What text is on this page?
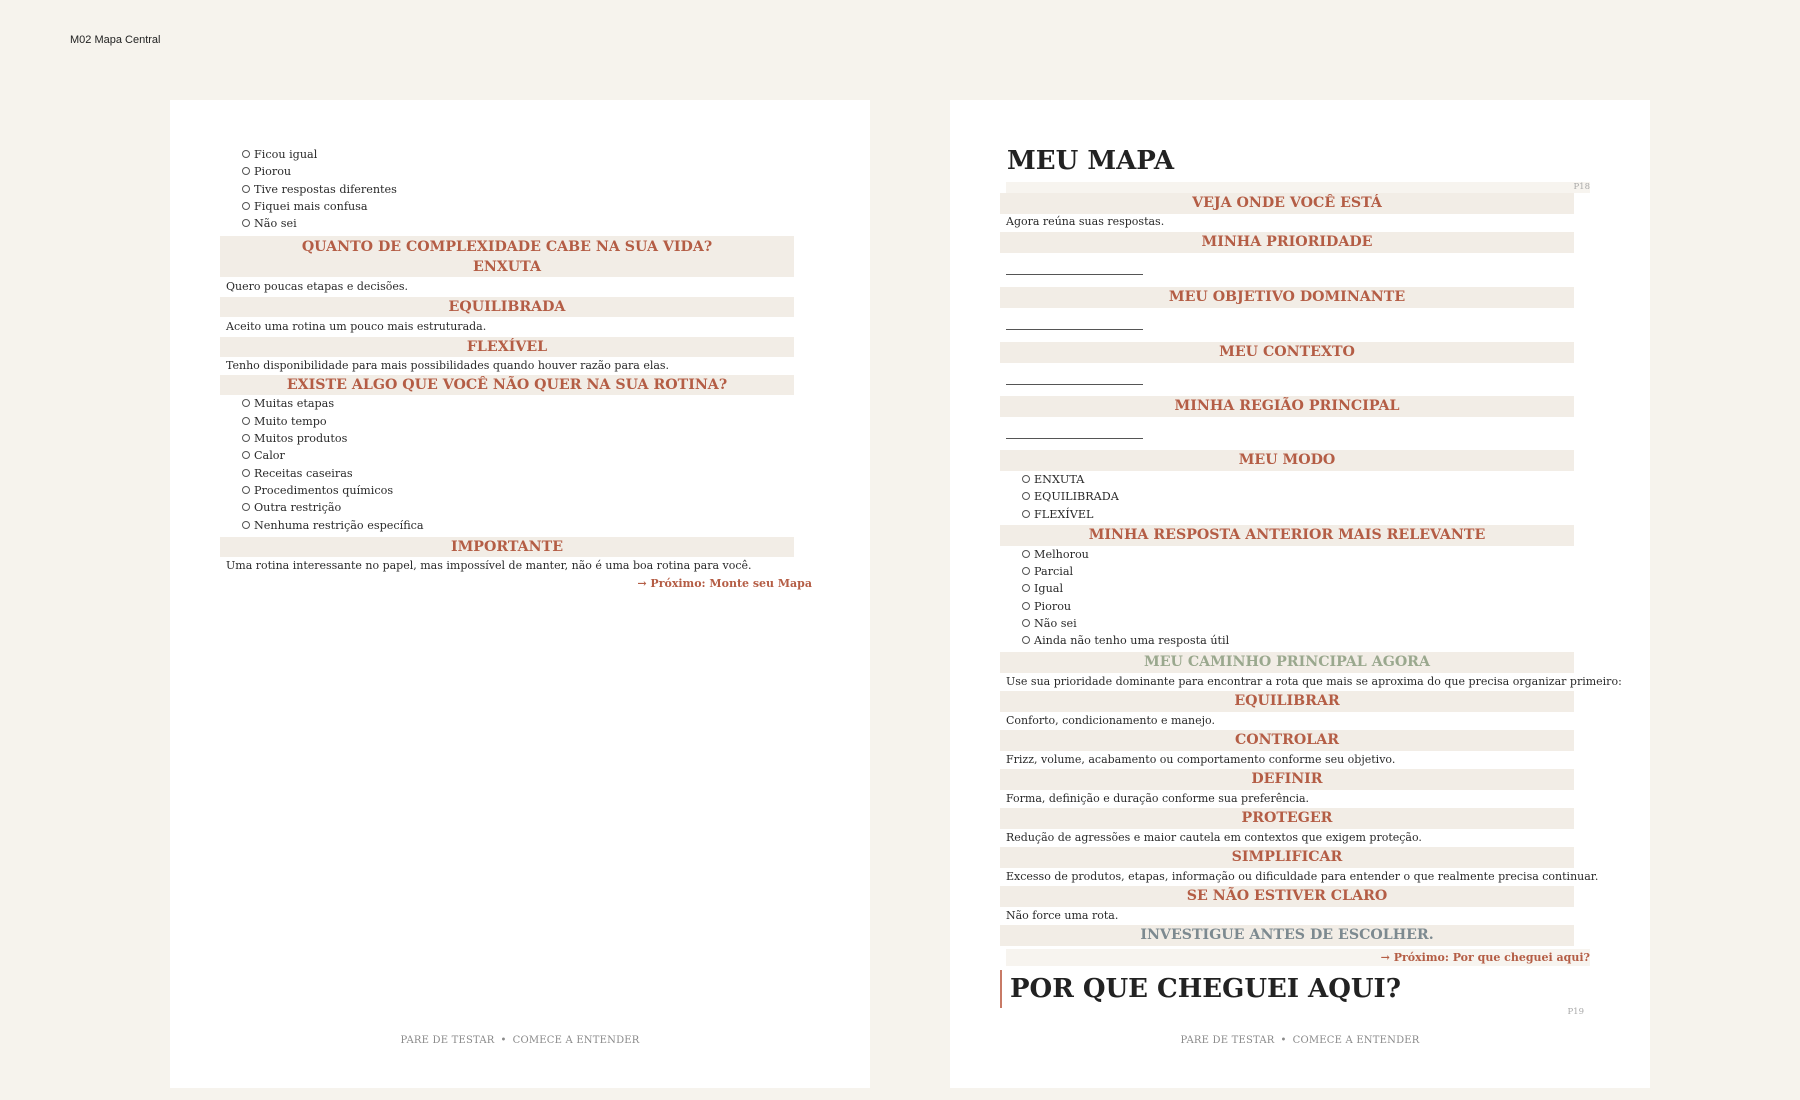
M02 Mapa Central
Ficou igual
Piorou
Tive respostas diferentes
Fiquei mais confusa
Não sei
QUANTO DE COMPLEXIDADE CABE NA SUA VIDA?
ENXUTA
Quero poucas etapas e decisões.
EQUILIBRADA
Aceito uma rotina um pouco mais estruturada.
FLEXÍVEL
Tenho disponibilidade para mais possibilidades quando houver razão para elas.
EXISTE ALGO QUE VOCÊ NÃO QUER NA SUA ROTINA?
Muitas etapas
Muito tempo
Muitos produtos
Calor
Receitas caseiras
Procedimentos químicos
Outra restrição
Nenhuma restrição específica
IMPORTANTE
Uma rotina interessante no papel, mas impossível de manter, não é uma boa rotina para você.
→ Próximo: Monte seu Mapa
PARE DE TESTAR • COMECE A ENTENDER
MEU MAPA
P18
VEJA ONDE VOCÊ ESTÁ
Agora reúna suas respostas.
MINHA PRIORIDADE
MEU OBJETIVO DOMINANTE
MEU CONTEXTO
MINHA REGIÃO PRINCIPAL
MEU MODO
ENXUTA
EQUILIBRADA
FLEXÍVEL
MINHA RESPOSTA ANTERIOR MAIS RELEVANTE
Melhorou
Parcial
Igual
Piorou
Não sei
Ainda não tenho uma resposta útil
MEU CAMINHO PRINCIPAL AGORA
Use sua prioridade dominante para encontrar a rota que mais se aproxima do que precisa organizar primeiro:
EQUILIBRAR
Conforto, condicionamento e manejo.
CONTROLAR
Frizz, volume, acabamento ou comportamento conforme seu objetivo.
DEFINIR
Forma, definição e duração conforme sua preferência.
PROTEGER
Redução de agressões e maior cautela em contextos que exigem proteção.
SIMPLIFICAR
Excesso de produtos, etapas, informação ou dificuldade para entender o que realmente precisa continuar.
SE NÃO ESTIVER CLARO
Não force uma rota.
INVESTIGUE ANTES DE ESCOLHER.
→ Próximo: Por que cheguei aqui?
POR QUE CHEGUEI AQUI?
P19
PARE DE TESTAR • COMECE A ENTENDER
